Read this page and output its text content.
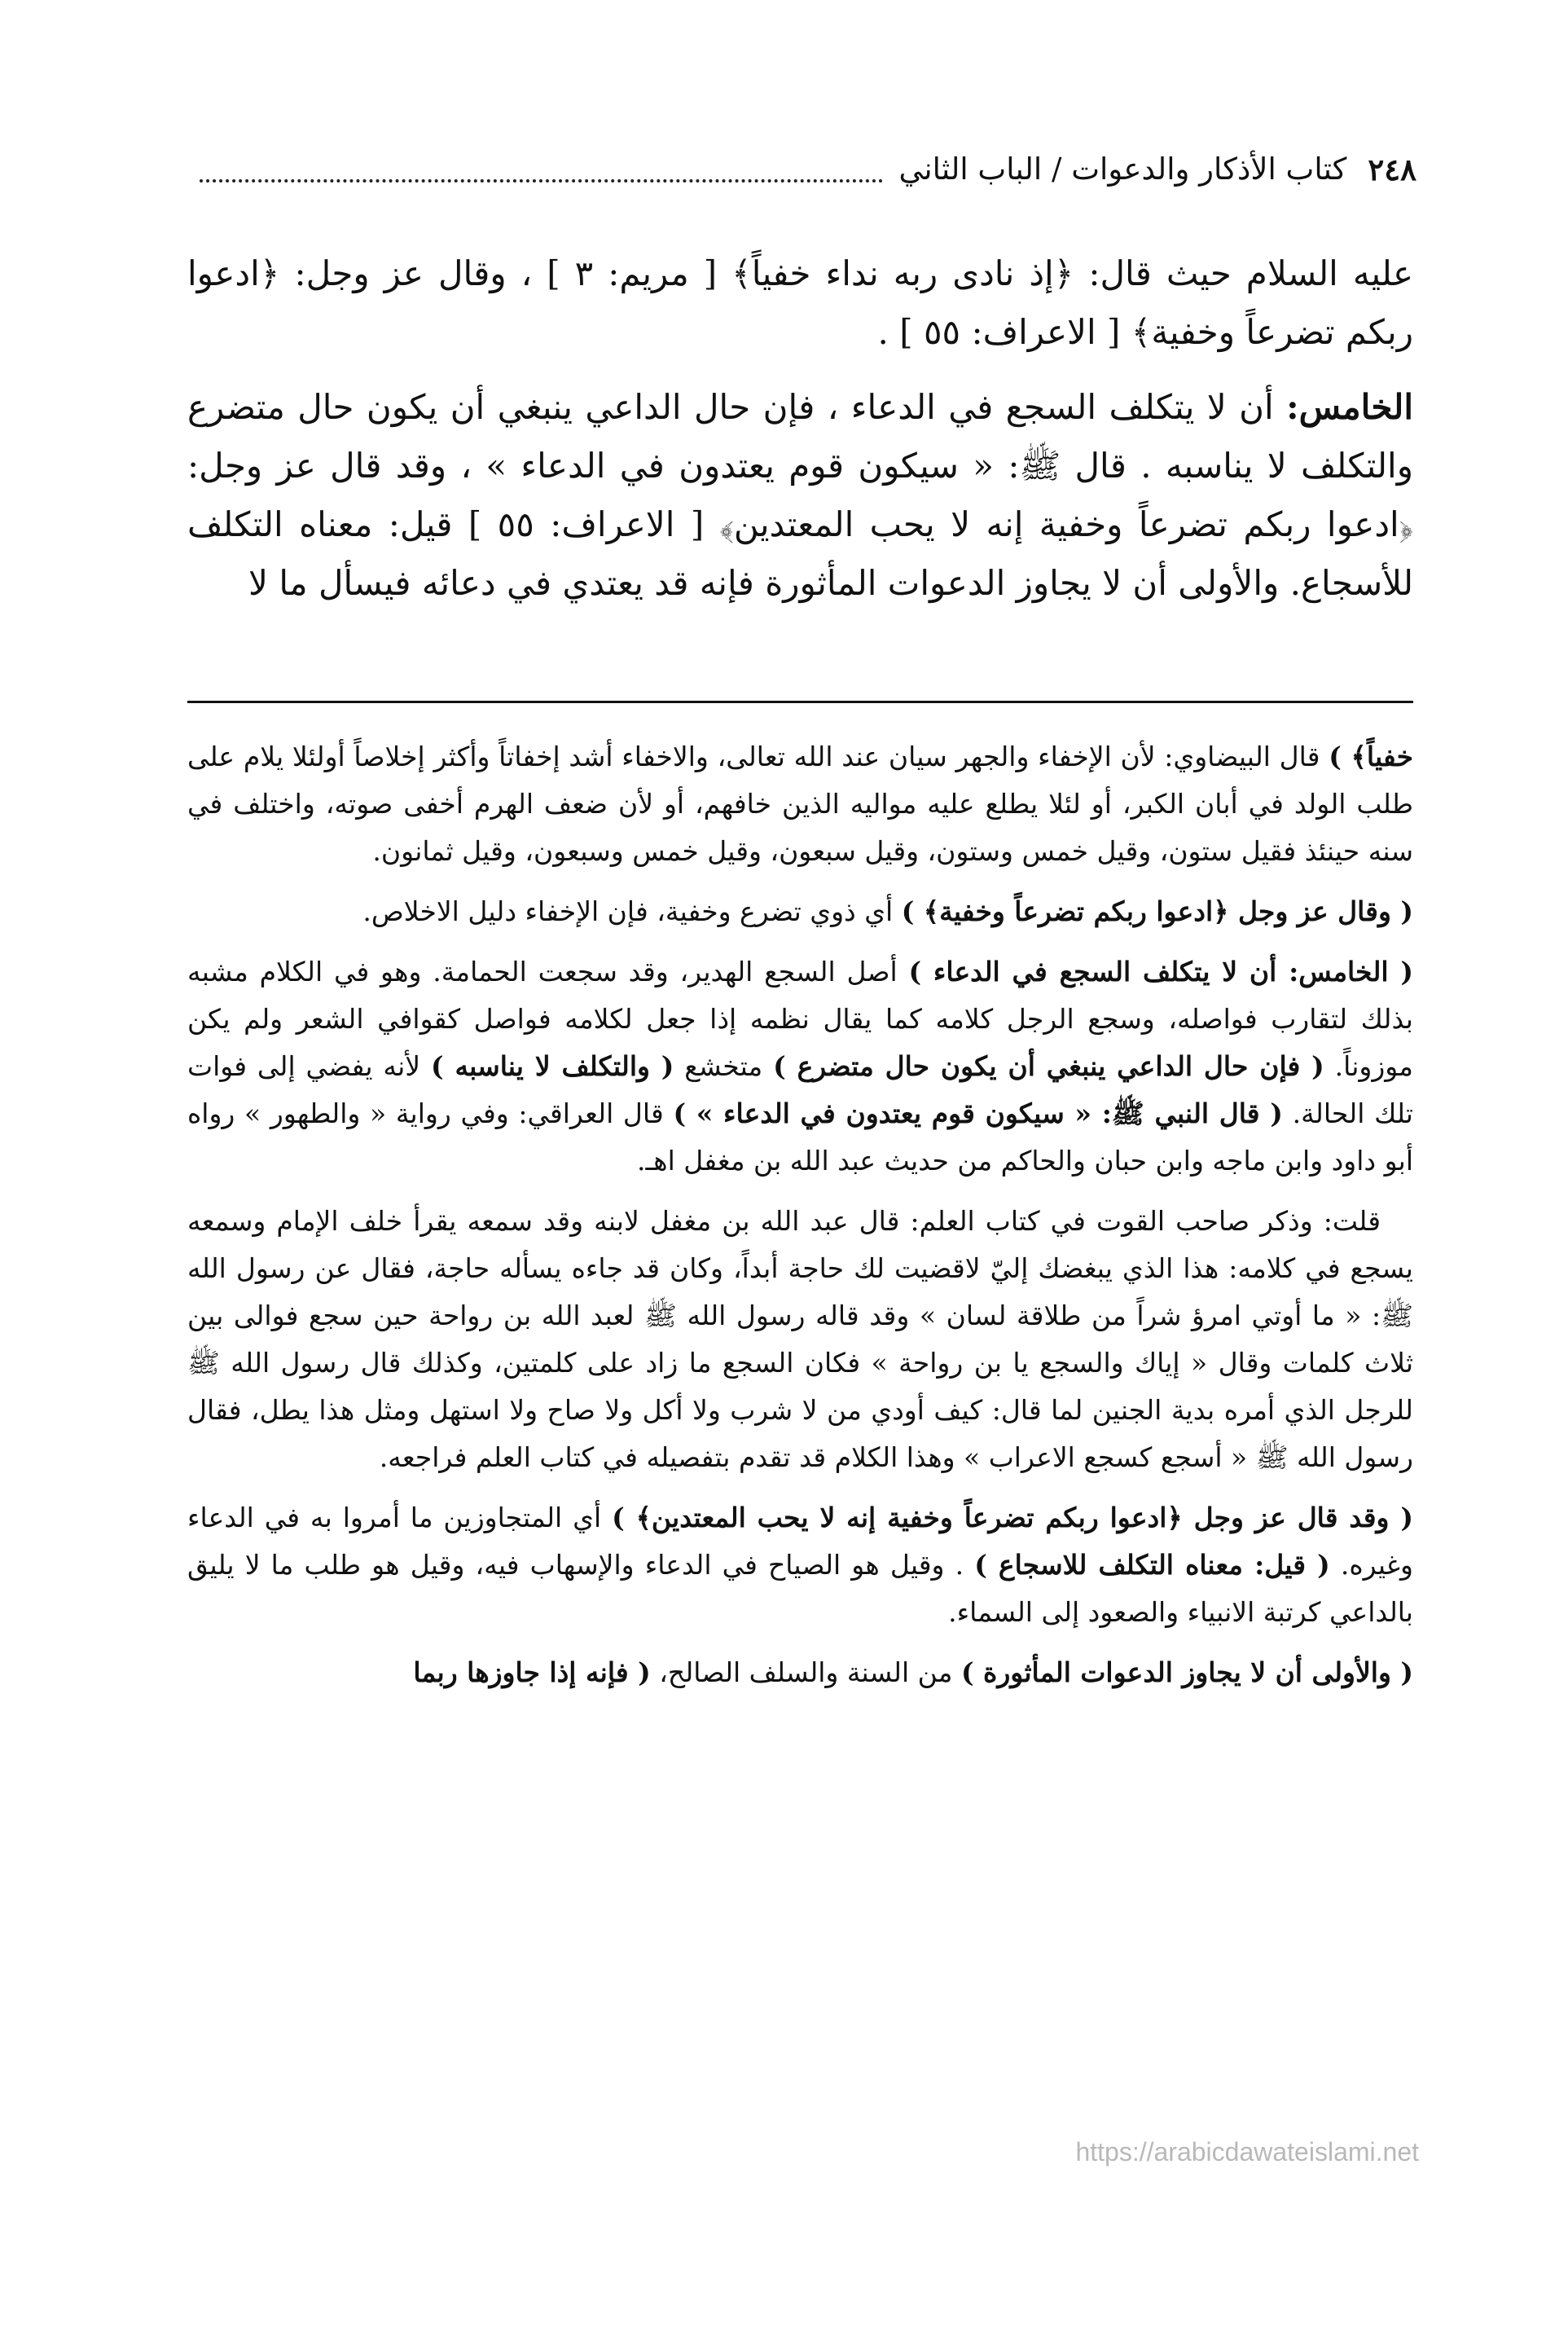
٢٤٨
كتاب الأذكار والدعوات / الباب الثاني

عليه السلام حيث قال: ﴿إذ نادى ربه نداء خفياً﴾ [ مريم: ٣ ] ، وقال عز وجل: ﴿ادعوا ربكم تضرعاً وخفية﴾ [ الاعراف: ٥٥ ] .

الخامس: أن لا يتكلف السجع في الدعاء ، فإن حال الداعي ينبغي أن يكون حال متضرع والتكلف لا يناسبه . قال ﷺ: « سيكون قوم يعتدون في الدعاء » ، وقد قال عز وجل: ﴿ادعوا ربكم تضرعاً وخفية إنه لا يحب المعتدين﴾ [ الاعراف: ٥٥ ] قيل: معناه التكلف للأسجاع. والأولى أن لا يجاوز الدعوات المأثورة فإنه قد يعتدي في دعائه فيسأل ما لا

خفياً﴾ ) قال البيضاوي: لأن الإخفاء والجهر سيان عند الله تعالى، والاخفاء أشد إخفاتاً وأكثر إخلاصاً أولئلا يلام على طلب الولد في أبان الكبر، أو لئلا يطلع عليه مواليه الذين خافهم، أو لأن ضعف الهرم أخفى صوته، واختلف في سنه حينئذ فقيل ستون، وقيل خمس وستون، وقيل سبعون، وقيل خمس وسبعون، وقيل ثمانون.

( وقال عز وجل ﴿ادعوا ربكم تضرعاً وخفية﴾ ) أي ذوي تضرع وخفية، فإن الإخفاء دليل الاخلاص.

( الخامس: أن لا يتكلف السجع في الدعاء ) أصل السجع الهدير، وقد سجعت الحمامة. وهو في الكلام مشبه بذلك لتقارب فواصله، وسجع الرجل كلامه كما يقال نظمه إذا جعل لكلامه فواصل كقوافي الشعر ولم يكن موزوناً. ( فإن حال الداعي ينبغي أن يكون حال متضرع ) متخشع ( والتكلف لا يناسبه ) لأنه يفضي إلى فوات تلك الحالة. ( قال النبي ﷺ: « سيكون قوم يعتدون في الدعاء » ) قال العراقي: وفي رواية « والطهور » رواه أبو داود وابن ماجه وابن حبان والحاكم من حديث عبد الله بن مغفل اهـ.

قلت: وذكر صاحب القوت في كتاب العلم: قال عبد الله بن مغفل لابنه وقد سمعه يقرأ خلف الإمام وسمعه يسجع في كلامه: هذا الذي يبغضك إليّ لاقضيت لك حاجة أبداً، وكان قد جاءه يسأله حاجة، فقال عن رسول الله ﷺ: « ما أوتي امرؤ شراً من طلاقة لسان » وقد قاله رسول الله ﷺ لعبد الله بن رواحة حين سجع فوالى بين ثلاث كلمات وقال « إياك والسجع يا بن رواحة » فكان السجع ما زاد على كلمتين، وكذلك قال رسول الله ﷺ للرجل الذي أمره بدية الجنين لما قال: كيف أودي من لا شرب ولا أكل ولا صاح ولا استهل ومثل هذا يطل، فقال رسول الله ﷺ « أسجع كسجع الاعراب » وهذا الكلام قد تقدم بتفصيله في كتاب العلم فراجعه.

( وقد قال عز وجل ﴿ادعوا ربكم تضرعاً وخفية إنه لا يحب المعتدين﴾ ) أي المتجاوزين ما أمروا به في الدعاء وغيره. ( قيل: معناه التكلف للاسجاع ) . وقيل هو الصياح في الدعاء والإسهاب فيه، وقيل هو طلب ما لا يليق بالداعي كرتبة الانبياء والصعود إلى السماء.

( والأولى أن لا يجاوز الدعوات المأثورة ) من السنة والسلف الصالح، ( فإنه إذا جاوزها ربما

https://arabicdawateislami.net
